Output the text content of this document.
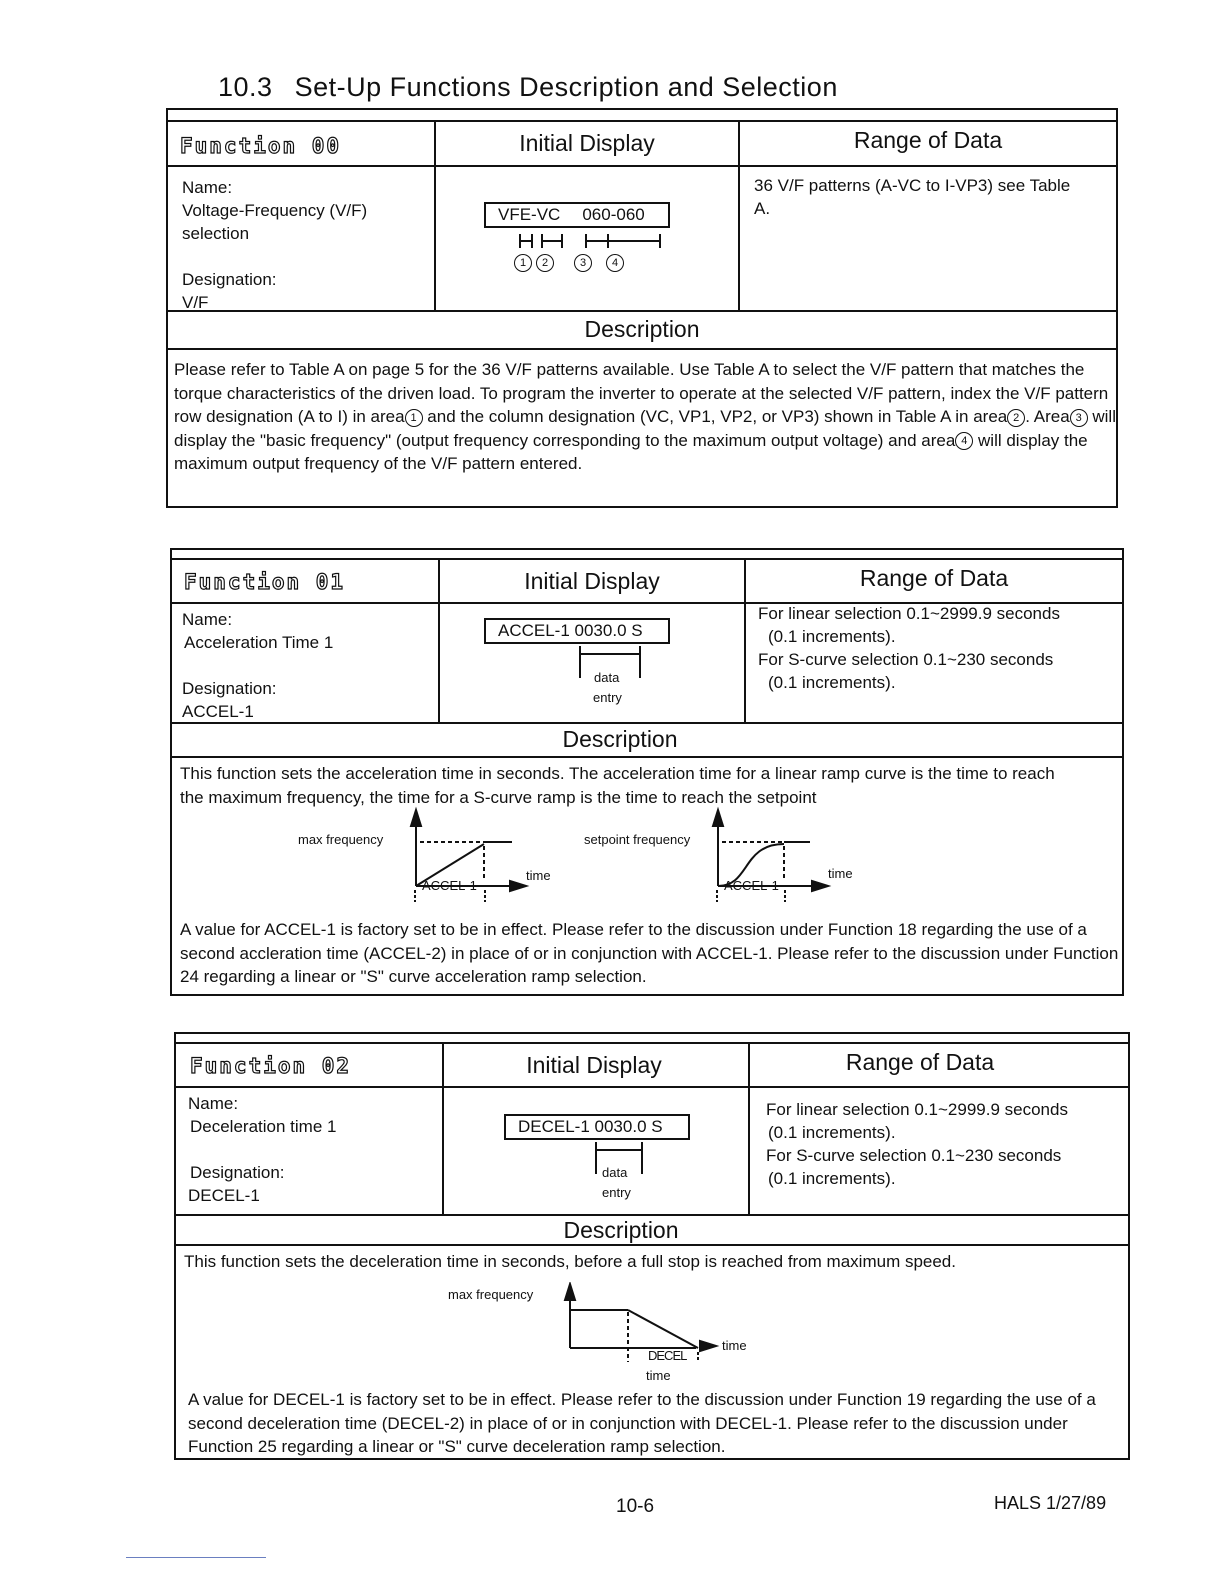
10.3 Set-Up Functions Description and Selection
Function 00	Initial Display	Range of Data
Name:
Voltage-Frequency (V/F)
selection
Designation:
V/F
VFE-VC 060-060
1 2	3 4
36 V/F patterns (A-VC to I-VP3) see Table A.
Description
Please refer to Table A on page 5 for the 36 V/F patterns available. Use Table A to select the V/F pattern that matches the torque characteristics of the driven load. To program the inverter to operate at the selected V/F pattern, index the V/F pattern row designation (A to I) in area 1 and the column designation (VC, VP1, VP2, or VP3) shown in Table A in area 2 . Area 3 will display the "basic frequency" (output frequency corresponding to the maximum output voltage) and area 4 will display the maximum output frequency of the V/F pattern entered.
Function 01	Initial Display	Range of Data
Name:
Acceleration Time 1
Designation:
ACCEL-1
ACCEL-1 0030.0 S
data
entry
For linear selection 0.1~2999.9 seconds
(0.1 increments).
For S-curve selection 0.1~230 seconds
(0.1 increments).
Description
This function sets the acceleration time in seconds. The acceleration time for a linear ramp curve is the time to reach the maximum frequency, the time for a S-curve ramp is the time to reach the setpoint
max frequency
time
ACCEL-1
setpoint frequency
time
ACCEL-1
A value for ACCEL-1 is factory set to be in effect. Please refer to the discussion under Function 18 regarding the use of a second accleration time (ACCEL-2) in place of or in conjunction with ACCEL-1. Please refer to the discussion under Function 24 regarding a linear or "S" curve acceleration ramp selection.
Function 02	Initial Display	Range of Data
Name:
Deceleration time 1
Designation:
DECEL-1
DECEL-1 0030.0 S
data
entry
For linear selection 0.1~2999.9 seconds
(0.1 increments).
For S-curve selection 0.1~230 seconds
(0.1 increments).
Description
This function sets the deceleration time in seconds, before a full stop is reached from maximum speed.
max frequency
time
DECEL
time
A value for DECEL-1 is factory set to be in effect. Please refer to the discussion under Function 19 regarding the use of a second deceleration time (DECEL-2) in place of or in conjunction with DECEL-1. Please refer to the discussion under Function 25 regarding a linear or "S" curve deceleration ramp selection.
10-6	HALS 1/27/89
